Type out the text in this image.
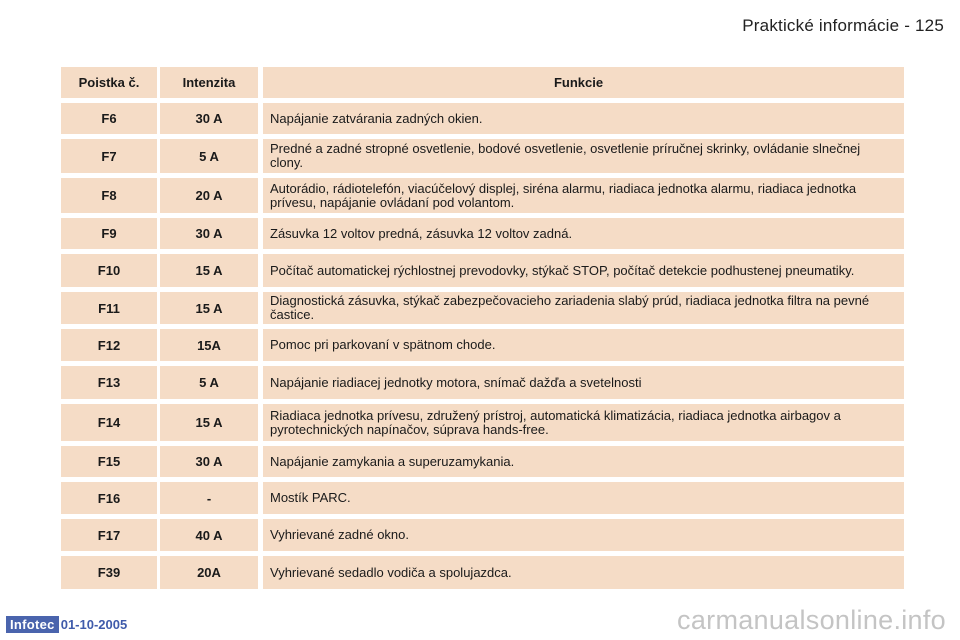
Praktické informácie - 125
Poistka č.	Intenzita	Funkcie
F6	30 A	Napájanie zatvárania zadných okien.
F7	5 A	Predné a zadné stropné osvetlenie, bodové osvetlenie, osvetlenie príručnej skrinky, ovládanie slnečnej clony.
F8	20 A	Autorádio, rádiotelefón, viacúčelový displej, siréna alarmu, riadiaca jednotka alarmu, riadiaca jednotka prívesu, napájanie ovládaní pod volantom.
F9	30 A	Zásuvka 12 voltov predná, zásuvka 12 voltov zadná.
F10	15 A	Počítač automatickej rýchlostnej prevodovky, stýkač STOP, počítač detekcie podhustenej pneumatiky.
F11	15 A	Diagnostická zásuvka, stýkač zabezpečovacieho zariadenia slabý prúd, riadiaca jednotka filtra na pevné častice.
F12	15A	Pomoc pri parkovaní v spätnom chode.
F13	5 A	Napájanie riadiacej jednotky motora, snímač dažďa a svetelnosti
F14	15 A	Riadiaca jednotka prívesu, združený prístroj, automatická klimatizácia, riadiaca jednotka airbagov a pyrotechnických napínačov, súprava hands-free.
F15	30 A	Napájanie zamykania a superuzamykania.
F16	-	Mostík PARC.
F17	40 A	Vyhrievané zadné okno.
F39	20A	Vyhrievané sedadlo vodiča a spolujazdca.
Infotec 01-10-2005	carmanualsonline.info
